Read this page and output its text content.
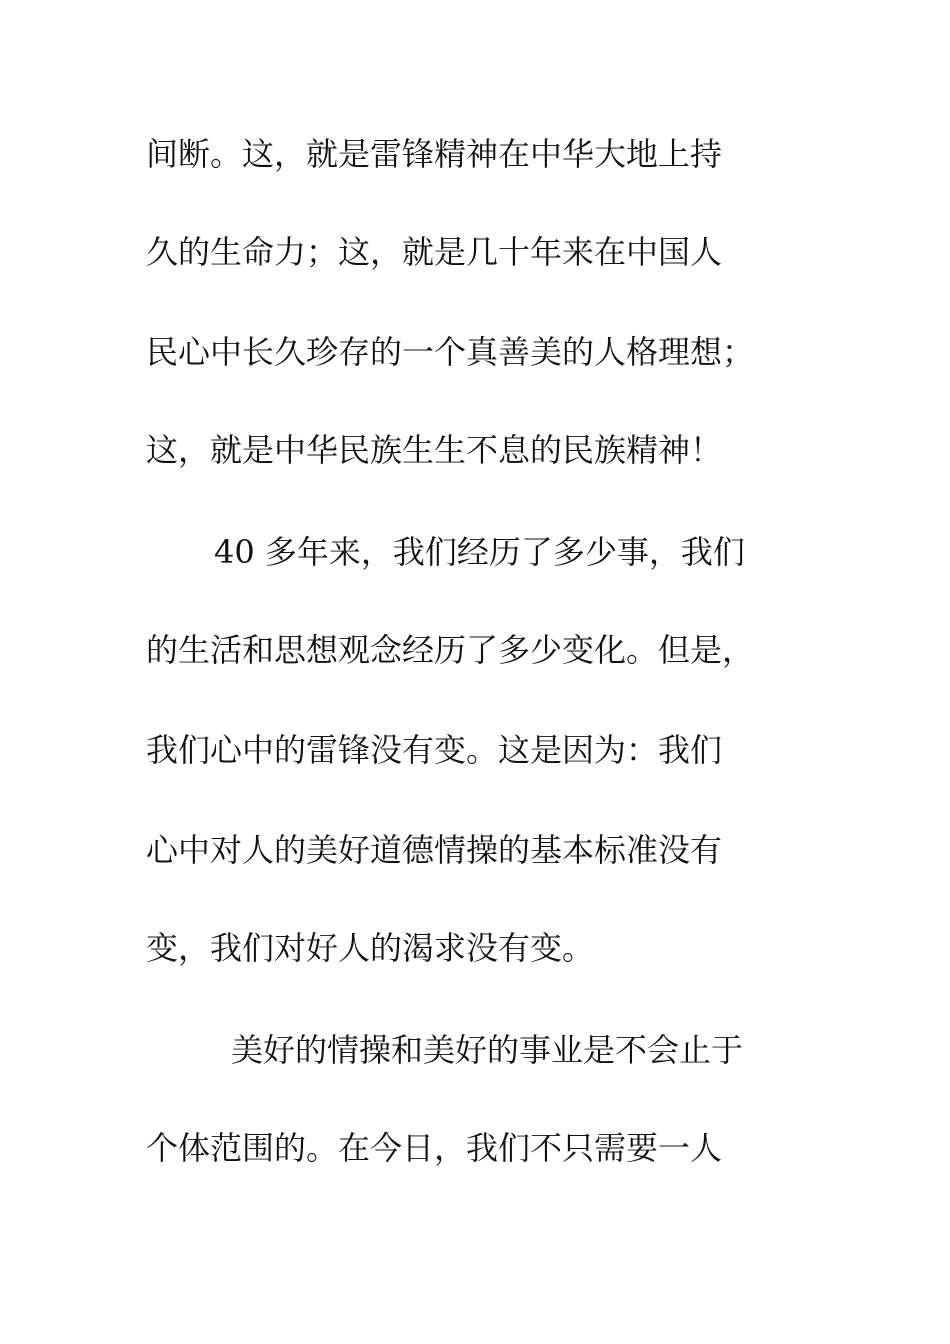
间断。这，就是雷锋精神在中华大地上持
久的生命力；这，就是几十年来在中国人
民心中长久珍存的一个真善美的人格理想；
这，就是中华民族生生不息的民族精神！
40 多年来，我们经历了多少事，我们
的生活和思想观念经历了多少变化。但是，
我们心中的雷锋没有变。这是因为：我们
心中对人的美好道德情操的基本标准没有
变，我们对好人的渴求没有变。
美好的情操和美好的事业是不会止于
个体范围的。在今日，我们不只需要一人
